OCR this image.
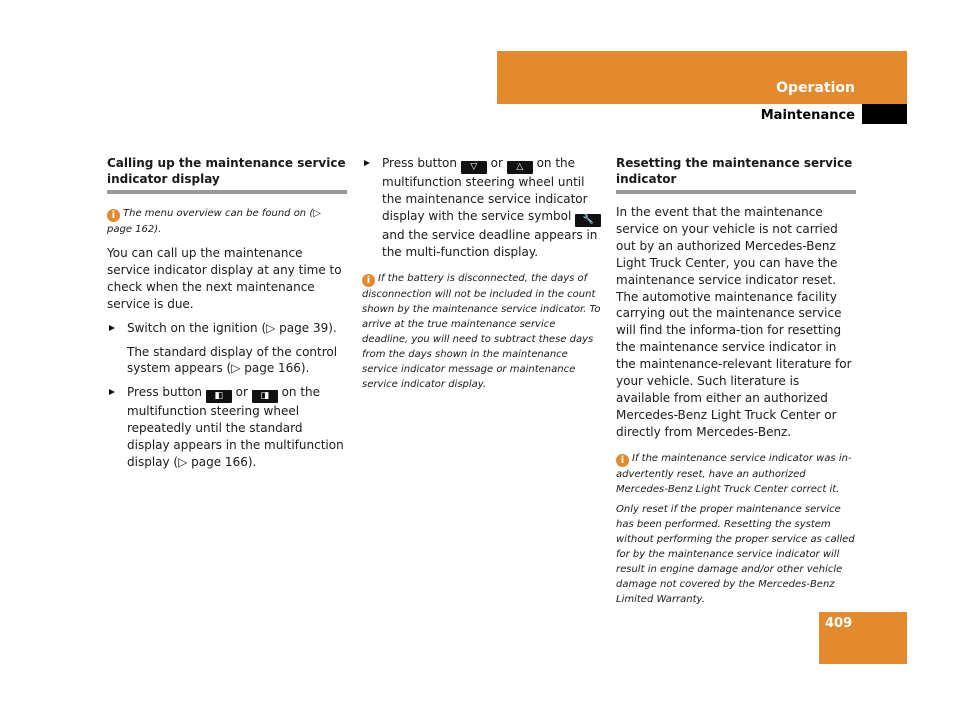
Operation
Maintenance
Calling up the maintenance service indicator display

i The menu overview can be found on (▷ page 162).

You can call up the maintenance service indicator display at any time to check when the next maintenance service is due.

Switch on the ignition (▷ page 39).

The standard display of the control system appears (▷ page 166).

Press button ◧ or ◨ on the multifunction steering wheel repeatedly until the standard display appears in the multifunction display (▷ page 166).

Press button ▽ or △ on the multifunction steering wheel until the maintenance service indicator display with the service symbol 🔧 and the service deadline appears in the multi-function display.

i If the battery is disconnected, the days of disconnection will not be included in the count shown by the maintenance service indicator. To arrive at the true maintenance service deadline, you will need to subtract these days from the days shown in the maintenance service indicator message or maintenance service indicator display.

Resetting the maintenance service indicator

In the event that the maintenance service on your vehicle is not carried out by an authorized Mercedes-Benz Light Truck Center, you can have the maintenance service indicator reset. The automotive maintenance facility carrying out the maintenance service will find the informa-tion for resetting the maintenance service indicator in the maintenance-relevant literature for your vehicle. Such literature is available from either an authorized Mercedes-Benz Light Truck Center or directly from Mercedes-Benz.

i If the maintenance service indicator was in-advertently reset, have an authorized Mercedes-Benz Light Truck Center correct it.

Only reset if the proper maintenance service has been performed. Resetting the system without performing the proper service as called for by the maintenance service indicator will result in engine damage and/or other vehicle damage not covered by the Mercedes-Benz Limited Warranty.

409
